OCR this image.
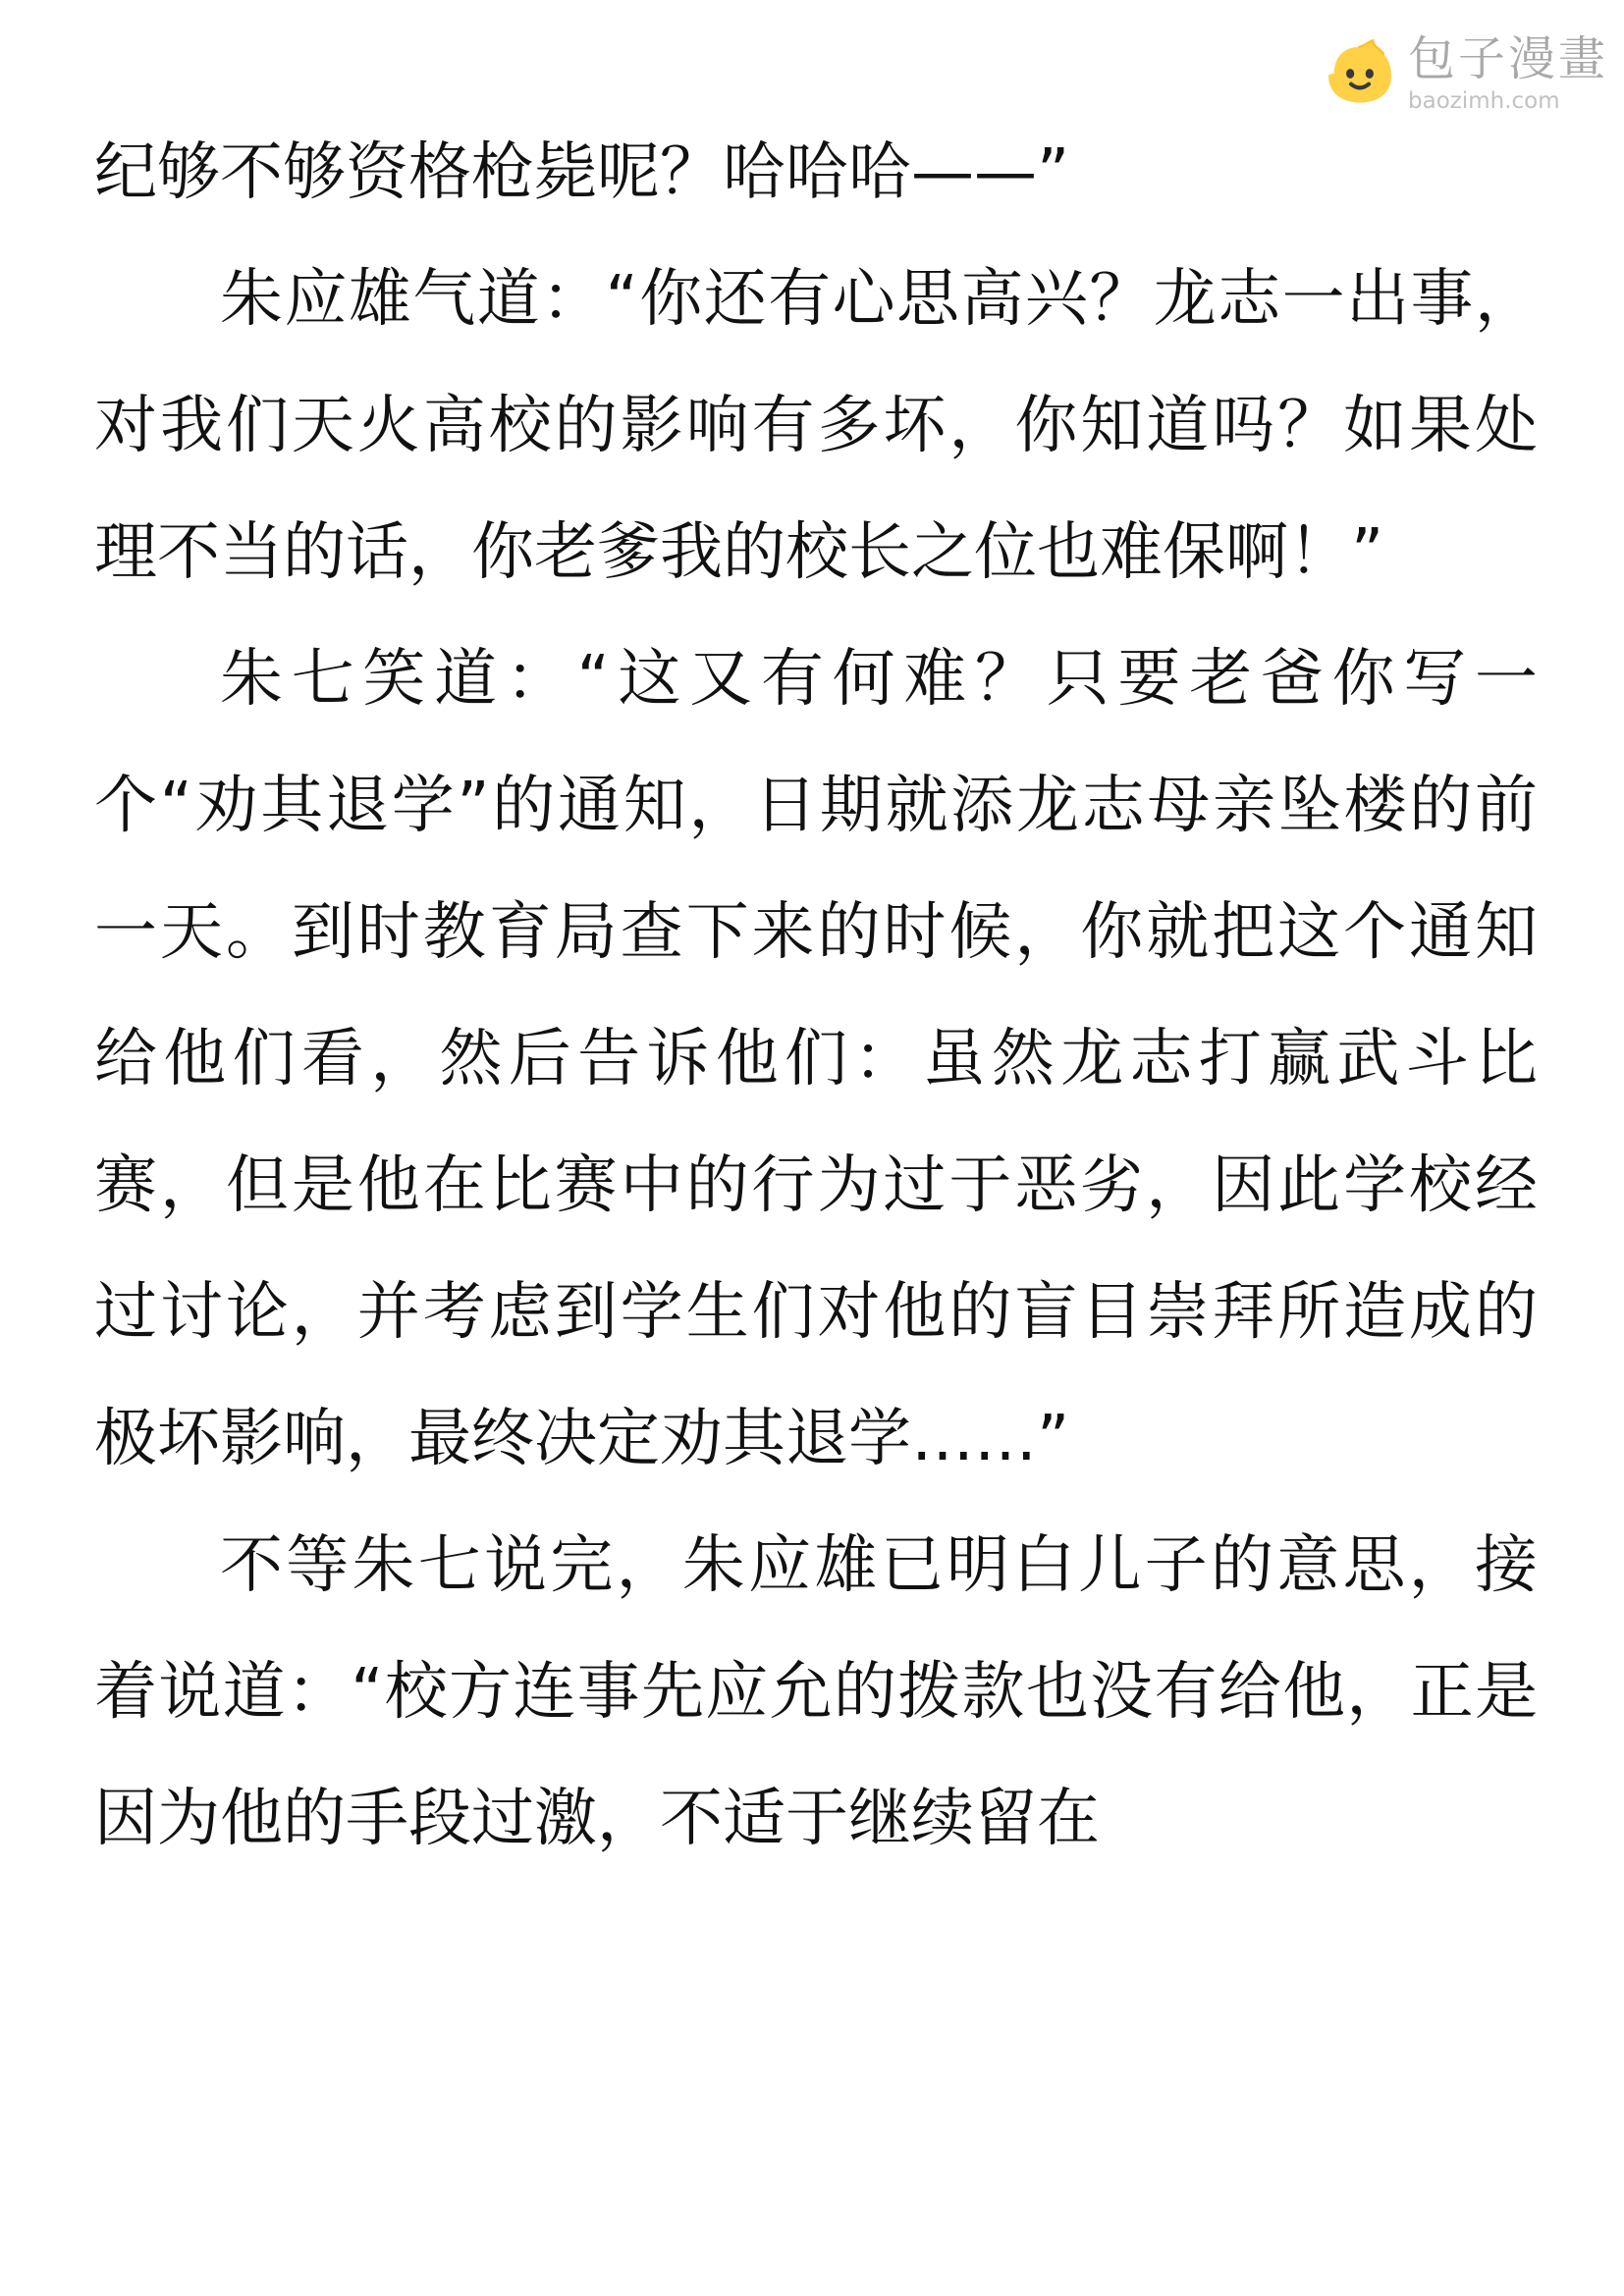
包子漫畫
baozimh.com

纪够不够资格枪毙呢？哈哈哈——”

朱应雄气道：“你还有心思高兴？龙志一出事，对我们天火高校的影响有多坏，你知道吗？如果处理不当的话，你老爹我的校长之位也难保啊！”

朱七笑道：“这又有何难？只要老爸你写一个“劝其退学”的通知，日期就添龙志母亲坠楼的前一天。到时教育局查下来的时候，你就把这个通知给他们看，然后告诉他们：虽然龙志打赢武斗比赛，但是他在比赛中的行为过于恶劣，因此学校经过讨论，并考虑到学生们对他的盲目崇拜所造成的极坏影响，最终决定劝其退学……”

不等朱七说完，朱应雄已明白儿子的意思，接着说道：“校方连事先应允的拨款也没有给他，正是因为他的手段过激，不适于继续留在
